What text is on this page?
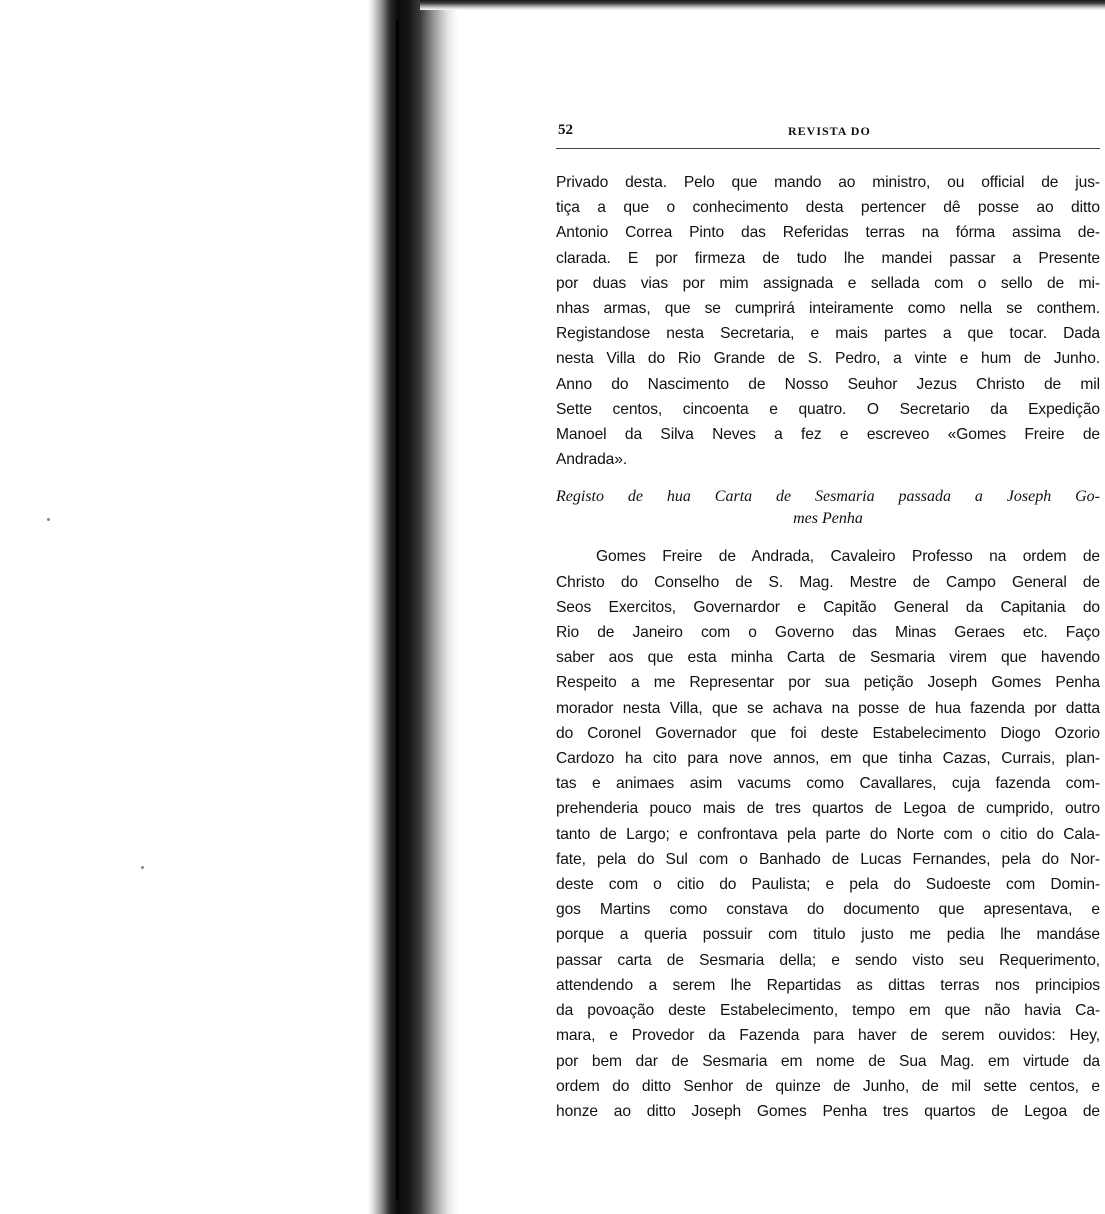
52	REVISTA DO
Privado desta. Pelo que mando ao ministro, ou official de jus-
tiça a que o conhecimento desta pertencer dê posse ao ditto
Antonio Correa Pinto das Referidas terras na fórma assima de-
clarada. E por firmeza de tudo lhe mandei passar a Presente
por duas vias por mim assignada e sellada com o sello de mi-
nhas armas, que se cumprirá inteiramente como nella se conthem.
Registandose nesta Secretaria, e mais partes a que tocar. Dada
nesta Villa do Rio Grande de S. Pedro, a vinte e hum de Junho.
Anno do Nascimento de Nosso Seuhor Jezus Christo de mil
Sette centos, cincoenta e quatro. O Secretario da Expedição
Manoel da Silva Neves a fez e escreveo «Gomes Freire de
Andrada».
Registo de hua Carta de Sesmaria passada a Joseph Go-
mes Penha
Gomes Freire de Andrada, Cavaleiro Professo na ordem de
Christo do Conselho de S. Mag. Mestre de Campo General de
Seos Exercitos, Governardor e Capitão General da Capitania do
Rio de Janeiro com o Governo das Minas Geraes etc. Faço
saber aos que esta minha Carta de Sesmaria virem que havendo
Respeito a me Representar por sua petição Joseph Gomes Penha
morador nesta Villa, que se achava na posse de hua fazenda por datta
do Coronel Governador que foi deste Estabelecimento Diogo Ozorio
Cardozo ha cito para nove annos, em que tinha Cazas, Currais, plan-
tas e animaes asim vacums como Cavallares, cuja fazenda com-
prehenderia pouco mais de tres quartos de Legoa de cumprido, outro
tanto de Largo; e confrontava pela parte do Norte com o citio do Cala-
fate, pela do Sul com o Banhado de Lucas Fernandes, pela do Nor-
deste com o citio do Paulista; e pela do Sudoeste com Domin-
gos Martins como constava do documento que apresentava, e
porque a queria possuir com titulo justo me pedia lhe mandáse
passar carta de Sesmaria della; e sendo visto seu Requerimento,
attendendo a serem lhe Repartidas as dittas terras nos principios
da povoação deste Estabelecimento, tempo em que não havia Ca-
mara, e Provedor da Fazenda para haver de serem ouvidos: Hey,
por bem dar de Sesmaria em nome de Sua Mag. em virtude da
ordem do ditto Senhor de quinze de Junho, de mil sette centos, e
honze ao ditto Joseph Gomes Penha tres quartos de Legoa de
